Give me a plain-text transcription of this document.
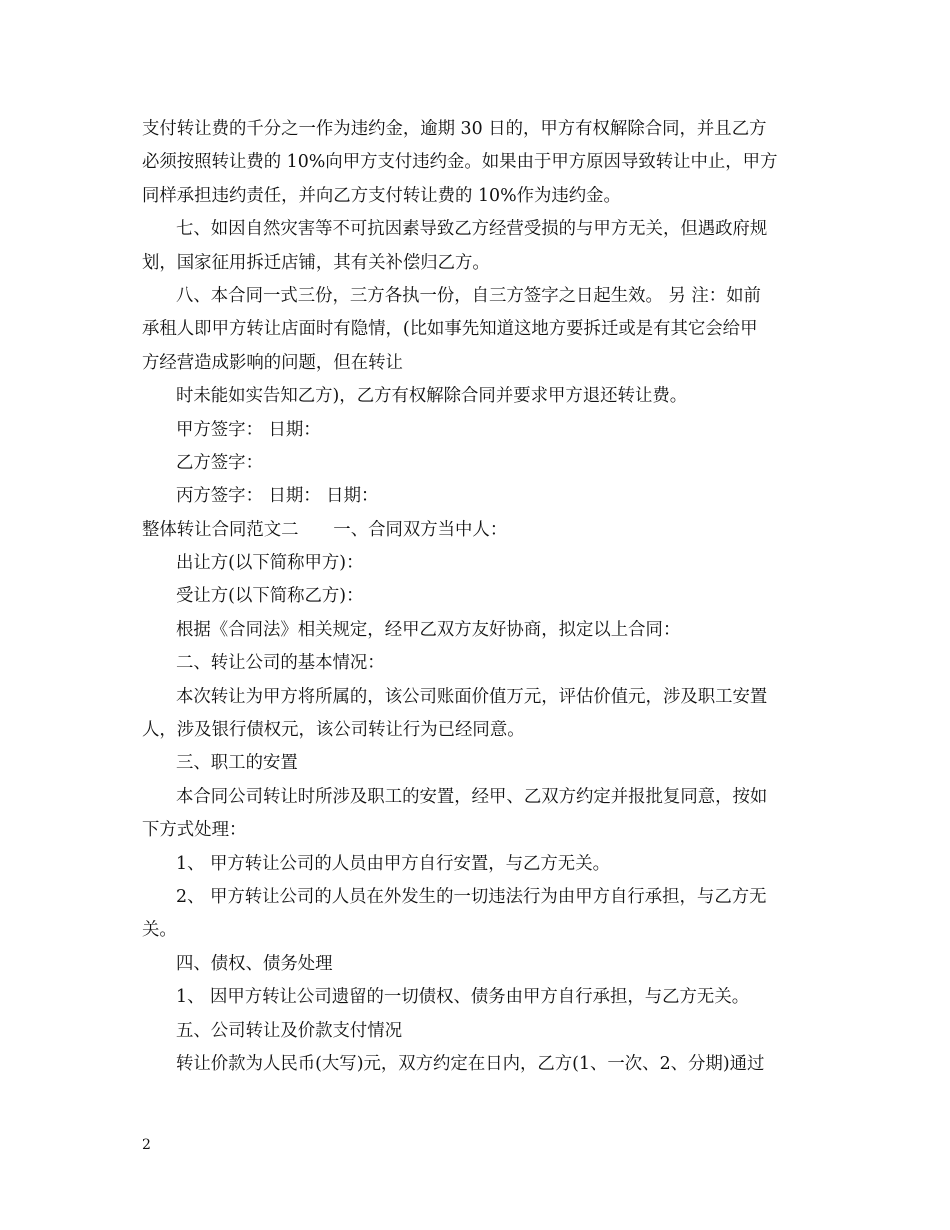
支付转让费的千分之一作为违约金，逾期 30 日的，甲方有权解除合同，并且乙方
必须按照转让费的 10%向甲方支付违约金。如果由于甲方原因导致转让中止，甲方
同样承担违约责任，并向乙方支付转让费的 10%作为违约金。
七、如因自然灾害等不可抗因素导致乙方经营受损的与甲方无关，但遇政府规
划，国家征用拆迁店铺，其有关补偿归乙方。
八、本合同一式三份，三方各执一份，自三方签字之日起生效。 另 注：如前
承租人即甲方转让店面时有隐情，(比如事先知道这地方要拆迁或是有其它会给甲
方经营造成影响的问题，但在转让
时未能如实告知乙方)，乙方有权解除合同并要求甲方退还转让费。
甲方签字： 日期：
乙方签字：
丙方签字： 日期： 日期：
整体转让合同范文二　　一、合同双方当中人：
出让方(以下简称甲方)：
受让方(以下简称乙方)：
根据《合同法》相关规定，经甲乙双方友好协商，拟定以上合同：
二、转让公司的基本情况：
本次转让为甲方将所属的，该公司账面价值万元，评估价值元，涉及职工安置
人，涉及银行债权元，该公司转让行为已经同意。
三、职工的安置
本合同公司转让时所涉及职工的安置，经甲、乙双方约定并报批复同意，按如
下方式处理：
1、 甲方转让公司的人员由甲方自行安置，与乙方无关。
2、 甲方转让公司的人员在外发生的一切违法行为由甲方自行承担，与乙方无
关。
四、债权、债务处理
1、 因甲方转让公司遗留的一切债权、债务由甲方自行承担，与乙方无关。
五、公司转让及价款支付情况
转让价款为人民币(大写)元，双方约定在日内，乙方(1、一次、2、分期)通过
2
